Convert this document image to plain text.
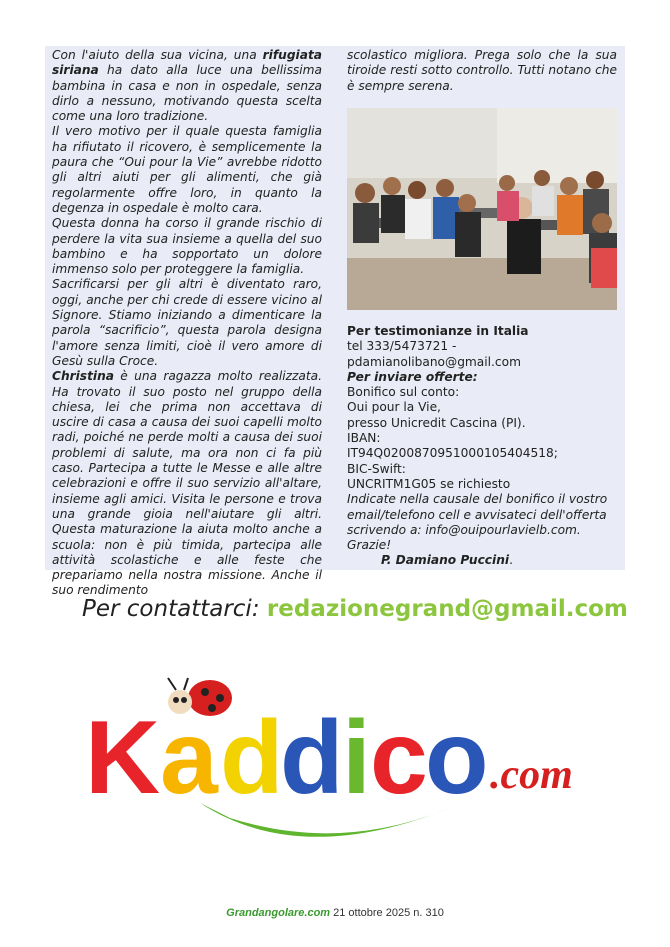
Con l'aiuto della sua vicina, una rifugiata siriana ha dato alla luce una bellissima bambina in casa e non in ospedale, senza dirlo a nessuno, motivando questa scelta come una loro tradizione.

Il vero motivo per il quale questa famiglia ha rifiutato il ricovero, è semplicemente la paura che “Oui pour la Vie” avrebbe ridotto gli altri aiuti per gli alimenti, che già regolarmente offre loro, in quanto la degenza in ospedale è molto cara.

Questa donna ha corso il grande rischio di perdere la vita sua insieme a quella del suo bambino e ha sopportato un dolore immenso solo per proteggere la famiglia.

Sacrificarsi per gli altri è diventato raro, oggi, anche per chi crede di essere vicino al Signore. Stiamo iniziando a dimenticare la parola “sacrificio”, questa parola designa l'amore senza limiti, cioè il vero amore di Gesù sulla Croce.

Christina è una ragazza molto realizzata. Ha trovato il suo posto nel gruppo della chiesa, lei che prima non accettava di uscire di casa a causa dei suoi capelli molto radi, poiché ne perde molti a causa dei suoi problemi di salute, ma ora non ci fa più caso. Partecipa a tutte le Messe e alle altre celebrazioni e offre il suo servizio all'altare, insieme agli amici. Visita le persone e trova una grande gioia nell'aiutare gli altri. Questa maturazione la aiuta molto anche a scuola: non è più timida, partecipa alle attività scolastiche e alle feste che prepariamo nella nostra missione. Anche il suo rendimento

scolastico migliora. Prega solo che la sua tiroide resti sotto controllo. Tutti notano che è sempre serena.
Per testimonianze in Italia
tel 333/5473721 -
pdamianolibano@gmail.com
Per inviare offerte:
Bonifico sul conto:
Oui pour la Vie,
presso Unicredit Cascina (PI).
IBAN:
IT94Q0200870951000105404518;
BIC-Swift:
UNCRITM1G05 se richiesto
Indicate nella causale del bonifico il vostro
email/telefono cell e avvisateci dell'offerta
scrivendo a: info@ouipourlavielb.com.
Grazie!
P. Damiano Puccini.
Per contattarci: redazionegrand@gmail.com
K a d
d
i c
o .com
Grandangolare.com 21 ottobre 2025 n. 310
